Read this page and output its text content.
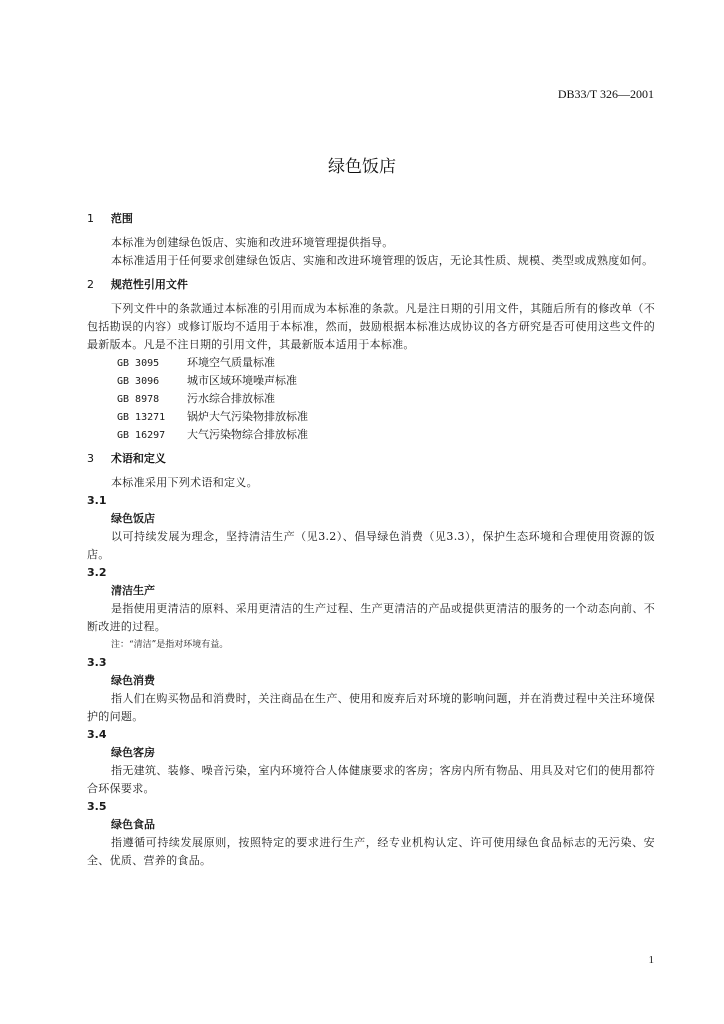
DB33/T 326—2001
绿色饭店
1 范围

本标准为创建绿色饭店、实施和改进环境管理提供指导。

本标准适用于任何要求创建绿色饭店、实施和改进环境管理的饭店，无论其性质、规模、类型或成熟度如何。

2 规范性引用文件

下列文件中的条款通过本标准的引用而成为本标准的条款。凡是注日期的引用文件，其随后所有的修改单（不包括勘误的内容）或修订版均不适用于本标准，然而，鼓励根据本标准达成协议的各方研究是否可使用这些文件的最新版本。凡是不注日期的引用文件，其最新版本适用于本标准。

GB 3095	环境空气质量标准
GB 3096	城市区域环境噪声标准
GB 8978	污水综合排放标准
GB 13271 锅炉大气污染物排放标准
GB 16297 大气污染物综合排放标准
3 术语和定义

本标准采用下列术语和定义。

3.1
绿色饭店

以可持续发展为理念，坚持清洁生产（见3.2）、倡导绿色消费（见3.3），保护生态环境和合理使用资源的饭店。

3.2
清洁生产

是指使用更清洁的原料、采用更清洁的生产过程、生产更清洁的产品或提供更清洁的服务的一个动态向前、不断改进的过程。

注：“清洁”是指对环境有益。
3.3
绿色消费

指人们在购买物品和消费时，关注商品在生产、使用和废弃后对环境的影响问题，并在消费过程中关注环境保护的问题。

3.4
绿色客房

指无建筑、装修、噪音污染，室内环境符合人体健康要求的客房；客房内所有物品、用具及对它们的使用都符合环保要求。

3.5
绿色食品

指遵循可持续发展原则，按照特定的要求进行生产，经专业机构认定、许可使用绿色食品标志的无污染、安全、优质、营养的食品。

1
